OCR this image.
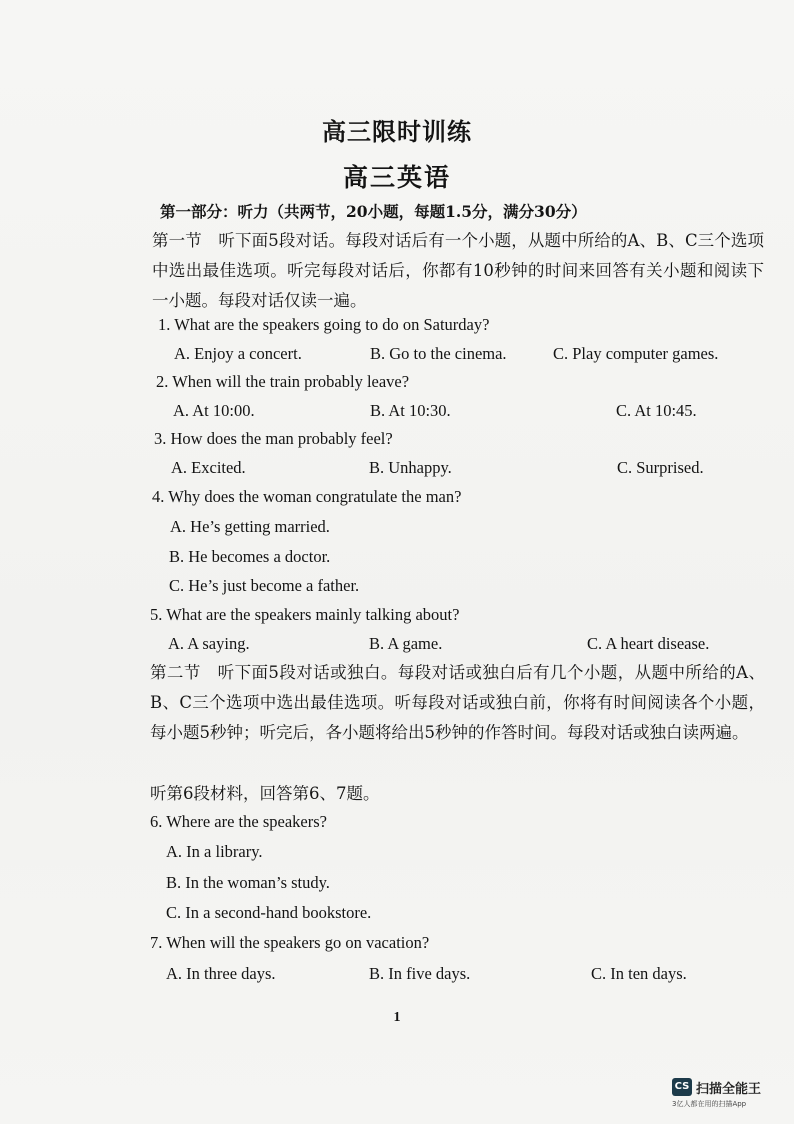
高三限时训练
高三英语
第一部分：听力（共两节，20小题，每题1.5分，满分30分）
第一节　听下面5段对话。每段对话后有一个小题，从题中所给的A、B、C三个选项中选出最佳选项。听完每段对话后，你都有10秒钟的时间来回答有关小题和阅读下一小题。每段对话仅读一遍。
1. What are the speakers going to do on Saturday?
A. Enjoy a concert.	B. Go to the cinema.	C. Play computer games.
2. When will the train probably leave?
A. At 10:00.	B. At 10:30.	C. At 10:45.
3. How does the man probably feel?
A. Excited.	B. Unhappy.	C. Surprised.
4. Why does the woman congratulate the man?
A. He’s getting married.
B. He becomes a doctor.
C. He’s just become a father.
5. What are the speakers mainly talking about?
A. A saying.	B. A game.	C. A heart disease.
第二节　听下面5段对话或独白。每段对话或独白后有几个小题，从题中所给的A、B、C三个选项中选出最佳选项。听每段对话或独白前，你将有时间阅读各个小题，每小题5秒钟；听完后，各小题将给出5秒钟的作答时间。每段对话或独白读两遍。
听第6段材料，回答第6、7题。
6. Where are the speakers?
A. In a library.
B. In the woman’s study.
C. In a second-hand bookstore.
7. When will the speakers go on vacation?
A. In three days.	B. In five days.	C. In ten days.
1
CS 扫描全能王
3亿人都在用的扫描App
